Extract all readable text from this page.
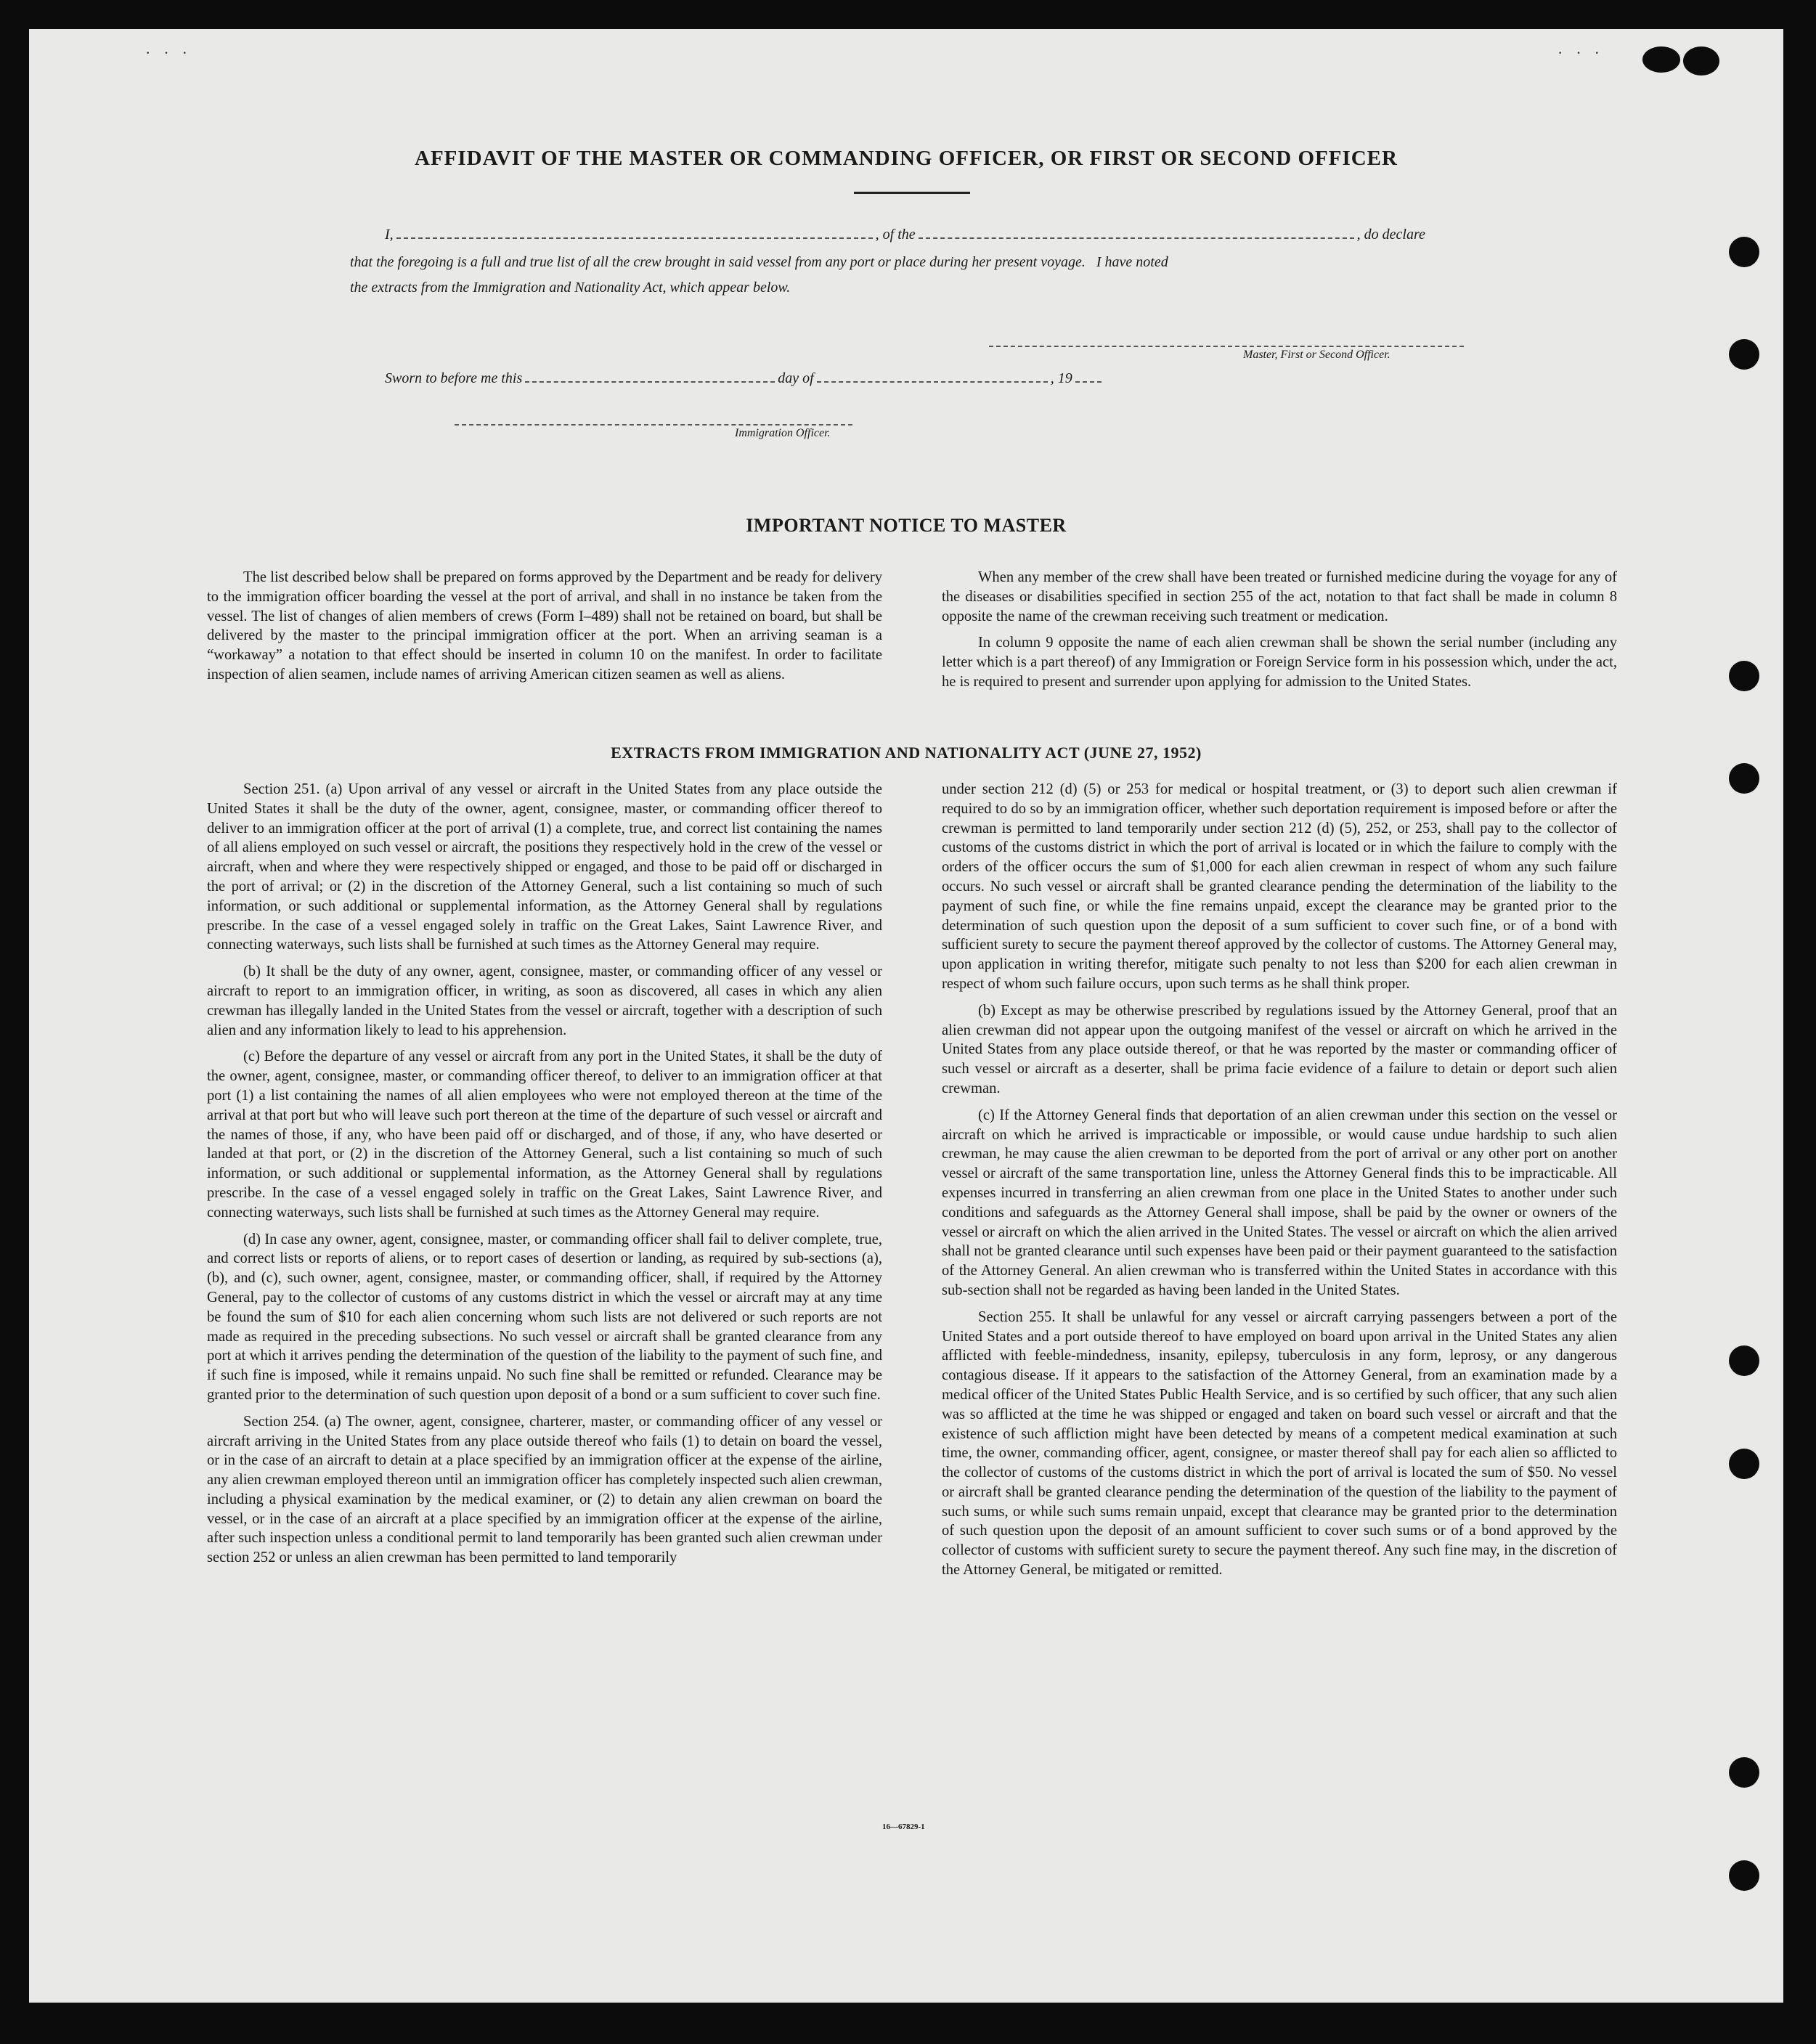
···	···
AFFIDAVIT OF THE MASTER OR COMMANDING OFFICER, OR FIRST OR SECOND OFFICER
I,	, of the	, do declare
that the foregoing is a full and true list of all the crew brought in said vessel from any port or place during her present voyage.   I have noted
the extracts from the Immigration and Nationality Act, which appear below.
Master, First or Second Officer.
Sworn to before me this	day of	, 19
Immigration Officer.
IMPORTANT NOTICE TO MASTER

The list described below shall be prepared on forms approved by the Department and be ready for delivery to the immigration officer boarding the vessel at the port of arrival, and shall in no instance be taken from the vessel. The list of changes of alien members of crews (Form I–489) shall not be retained on board, but shall be delivered by the master to the principal immigration officer at the port. When an arriving seaman is a “workaway” a notation to that effect should be inserted in column 10 on the manifest. In order to facilitate inspection of alien seamen, include names of arriving American citizen seamen as well as aliens.

When any member of the crew shall have been treated or furnished medicine during the voyage for any of the diseases or disabilities specified in section 255 of the act, notation to that fact shall be made in column 8 opposite the name of the crewman receiving such treatment or medication.

In column 9 opposite the name of each alien crewman shall be shown the serial number (including any letter which is a part thereof) of any Immigration or Foreign Service form in his possession which, under the act, he is required to present and surrender upon applying for admission to the United States.

EXTRACTS FROM IMMIGRATION AND NATIONALITY ACT (JUNE 27, 1952)

Section 251. (a) Upon arrival of any vessel or aircraft in the United States from any place outside the United States it shall be the duty of the owner, agent, consignee, master, or commanding officer thereof to deliver to an immigration officer at the port of arrival (1) a complete, true, and correct list containing the names of all aliens employed on such vessel or aircraft, the positions they respectively hold in the crew of the vessel or aircraft, when and where they were respectively shipped or engaged, and those to be paid off or discharged in the port of arrival; or (2) in the discretion of the Attorney General, such a list containing so much of such information, or such additional or supplemental information, as the Attorney General shall by regulations prescribe. In the case of a vessel engaged solely in traffic on the Great Lakes, Saint Lawrence River, and connecting waterways, such lists shall be furnished at such times as the Attorney General may require.

(b) It shall be the duty of any owner, agent, consignee, master, or commanding officer of any vessel or aircraft to report to an immigration officer, in writing, as soon as discovered, all cases in which any alien crewman has illegally landed in the United States from the vessel or aircraft, together with a description of such alien and any information likely to lead to his apprehension.

(c) Before the departure of any vessel or aircraft from any port in the United States, it shall be the duty of the owner, agent, consignee, master, or commanding officer thereof, to deliver to an immigration officer at that port (1) a list containing the names of all alien employees who were not employed thereon at the time of the arrival at that port but who will leave such port thereon at the time of the departure of such vessel or aircraft and the names of those, if any, who have been paid off or discharged, and of those, if any, who have deserted or landed at that port, or (2) in the discretion of the Attorney General, such a list containing so much of such information, or such additional or supplemental information, as the Attorney General shall by regulations prescribe. In the case of a vessel engaged solely in traffic on the Great Lakes, Saint Lawrence River, and connecting waterways, such lists shall be furnished at such times as the Attorney General may require.

(d) In case any owner, agent, consignee, master, or commanding officer shall fail to deliver complete, true, and correct lists or reports of aliens, or to report cases of desertion or landing, as required by sub-sections (a), (b), and (c), such owner, agent, consignee, master, or commanding officer, shall, if required by the Attorney General, pay to the collector of customs of any customs district in which the vessel or aircraft may at any time be found the sum of $10 for each alien concerning whom such lists are not delivered or such reports are not made as required in the preceding subsections. No such vessel or aircraft shall be granted clearance from any port at which it arrives pending the determination of the question of the liability to the payment of such fine, and if such fine is imposed, while it remains unpaid. No such fine shall be remitted or refunded. Clearance may be granted prior to the determination of such question upon deposit of a bond or a sum sufficient to cover such fine.

Section 254. (a) The owner, agent, consignee, charterer, master, or commanding officer of any vessel or aircraft arriving in the United States from any place outside thereof who fails (1) to detain on board the vessel, or in the case of an aircraft to detain at a place specified by an immigration officer at the expense of the airline, any alien crewman employed thereon until an immigration officer has completely inspected such alien crewman, including a physical examination by the medical examiner, or (2) to detain any alien crewman on board the vessel, or in the case of an aircraft at a place specified by an immigration officer at the expense of the airline, after such inspection unless a conditional permit to land temporarily has been granted such alien crewman under section 252 or unless an alien crewman has been permitted to land temporarily

under section 212 (d) (5) or 253 for medical or hospital treatment, or (3) to deport such alien crewman if required to do so by an immigration officer, whether such deportation requirement is imposed before or after the crewman is permitted to land temporarily under section 212 (d) (5), 252, or 253, shall pay to the collector of customs of the customs district in which the port of arrival is located or in which the failure to comply with the orders of the officer occurs the sum of $1,000 for each alien crewman in respect of whom any such failure occurs. No such vessel or aircraft shall be granted clearance pending the determination of the liability to the payment of such fine, or while the fine remains unpaid, except the clearance may be granted prior to the determination of such question upon the deposit of a sum sufficient to cover such fine, or of a bond with sufficient surety to secure the payment thereof approved by the collector of customs. The Attorney General may, upon application in writing therefor, mitigate such penalty to not less than $200 for each alien crewman in respect of whom such failure occurs, upon such terms as he shall think proper.

(b) Except as may be otherwise prescribed by regulations issued by the Attorney General, proof that an alien crewman did not appear upon the outgoing manifest of the vessel or aircraft on which he arrived in the United States from any place outside thereof, or that he was reported by the master or commanding officer of such vessel or aircraft as a deserter, shall be prima facie evidence of a failure to detain or deport such alien crewman.

(c) If the Attorney General finds that deportation of an alien crewman under this section on the vessel or aircraft on which he arrived is impracticable or impossible, or would cause undue hardship to such alien crewman, he may cause the alien crewman to be deported from the port of arrival or any other port on another vessel or aircraft of the same transportation line, unless the Attorney General finds this to be impracticable. All expenses incurred in transferring an alien crewman from one place in the United States to another under such conditions and safeguards as the Attorney General shall impose, shall be paid by the owner or owners of the vessel or aircraft on which the alien arrived in the United States. The vessel or aircraft on which the alien arrived shall not be granted clearance until such expenses have been paid or their payment guaranteed to the satisfaction of the Attorney General. An alien crewman who is transferred within the United States in accordance with this sub-section shall not be regarded as having been landed in the United States.

Section 255. It shall be unlawful for any vessel or aircraft carrying passengers between a port of the United States and a port outside thereof to have employed on board upon arrival in the United States any alien afflicted with feeble-mindedness, insanity, epilepsy, tuberculosis in any form, leprosy, or any dangerous contagious disease. If it appears to the satisfaction of the Attorney General, from an examination made by a medical officer of the United States Public Health Service, and is so certified by such officer, that any such alien was so afflicted at the time he was shipped or engaged and taken on board such vessel or aircraft and that the existence of such affliction might have been detected by means of a competent medical examination at such time, the owner, commanding officer, agent, consignee, or master thereof shall pay for each alien so afflicted to the collector of customs of the customs district in which the port of arrival is located the sum of $50. No vessel or aircraft shall be granted clearance pending the determination of the question of the liability to the payment of such sums, or while such sums remain unpaid, except that clearance may be granted prior to the determination of such question upon the deposit of an amount sufficient to cover such sums or of a bond approved by the collector of customs with sufficient surety to secure the payment thereof. Any such fine may, in the discretion of the Attorney General, be mitigated or remitted.

16—67829-1
